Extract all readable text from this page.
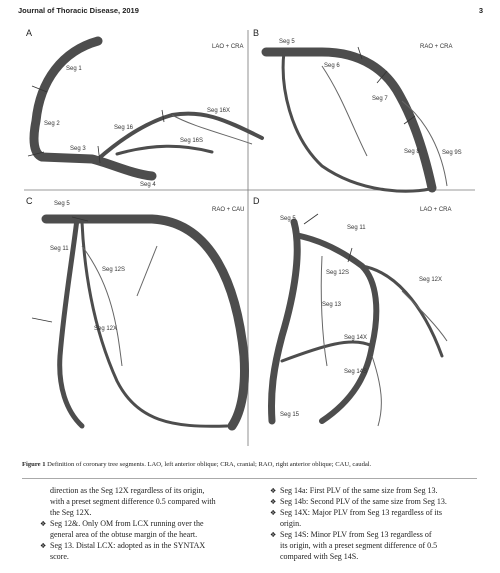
Journal of Thoracic Disease, 2019	3
A
LAO + CRA
Seg 1
Seg 2
Seg 3
Seg 4
Seg 16
Seg 16X
Seg 16S
B
RAO + CRA
Seg 5
Seg 6
Seg 7
Seg 8	Seg 9S
C
RAO + CAU
Seg 5
Seg 11
Seg 12S
Seg 12X
D
LAO + CRA
Seg 5
Seg 11
Seg 12S
Seg 12X
Seg 13
Seg 14X
Seg 14S
Seg 15
Figure 1 Definition of coronary tree segments. LAO, left anterior oblique; CRA, cranial; RAO, right anterior oblique; CAU, caudal.

direction as the Seg 12X regardless of its origin,

with a preset segment difference 0.5 compared with

the Seg 12X.

❖ Seg 12&. Only OM from LCX running over the

general area of the obtuse margin of the heart.

❖ Seg 13. Distal LCX: adopted as in the SYNTAX

score.

❖ Seg 14a: First PLV of the same size from Seg 13.

❖ Seg 14b: Second PLV of the same size from Seg 13.

❖ Seg 14X: Major PLV from Seg 13 regardless of its

origin.

❖ Seg 14S: Minor PLV from Seg 13 regardless of

its origin, with a preset segment difference of 0.5

compared with Seg 14S.
